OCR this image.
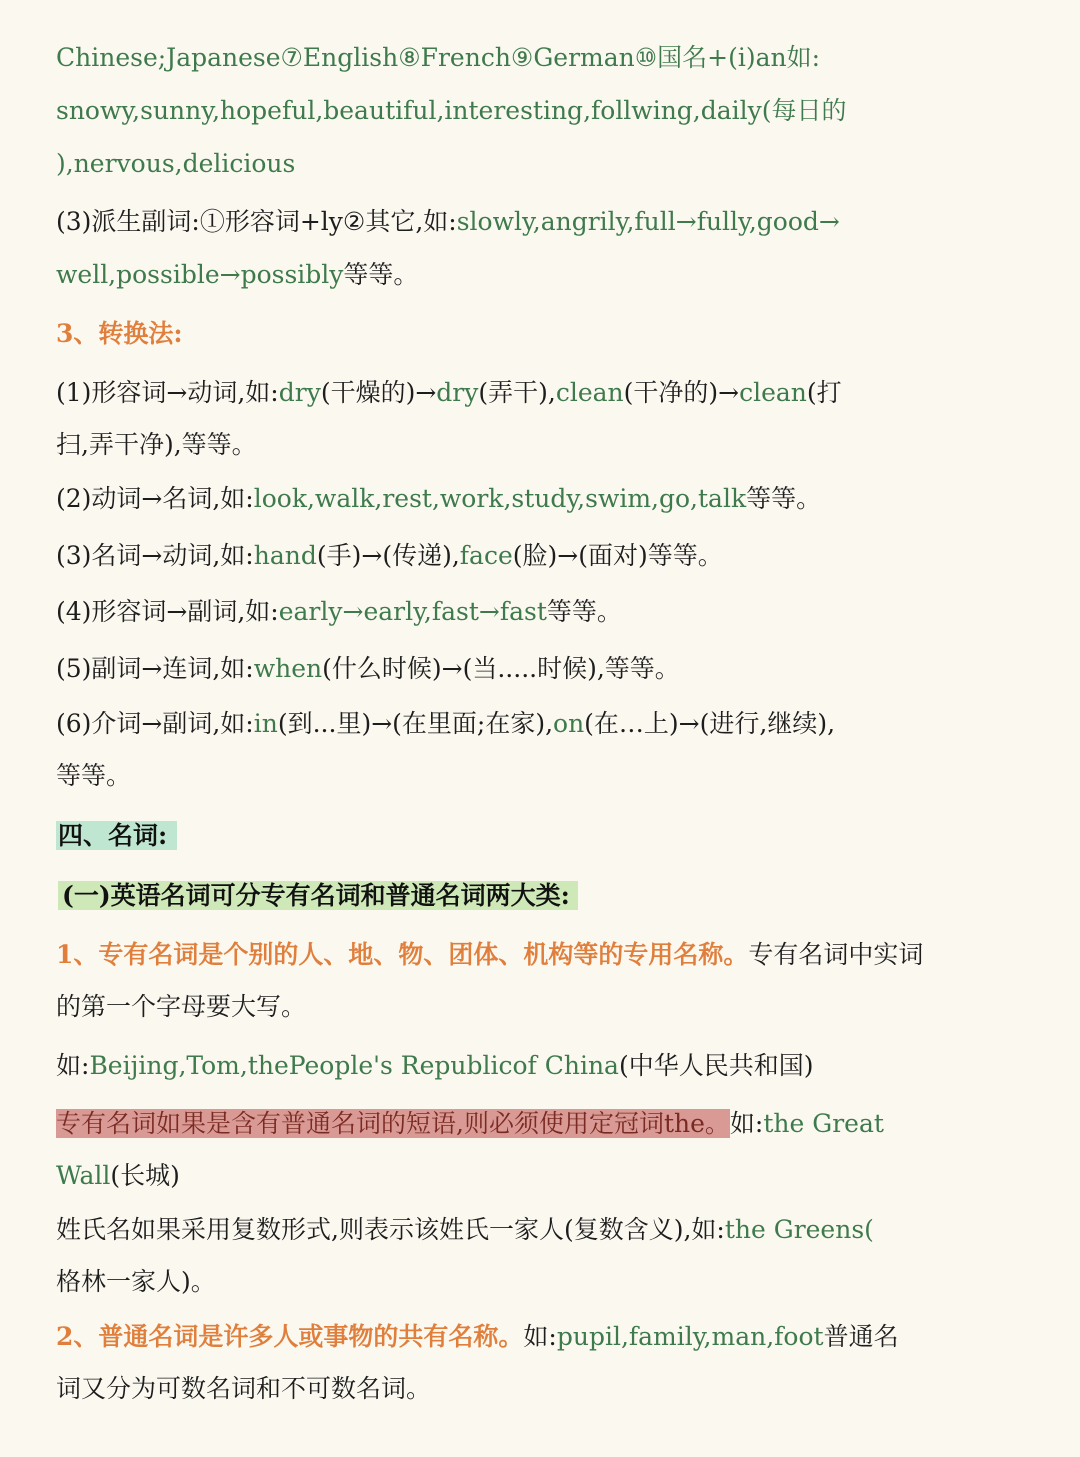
Chinese;Japanese⑦English⑧French⑨German⑩国名+(i)an如:
snowy,sunny,hopeful,beautiful,interesting,follwing,daily(每日的
),nervous,delicious
(3)派生副词:①形容词+ly②其它,如:slowly,angrily,full→fully,good→
well,possible→possibly等等。
3、转换法:
(1)形容词→动词,如:dry(干燥的)→dry(弄干),clean(干净的)→clean(打
扫,弄干净),等等。
(2)动词→名词,如:look,walk,rest,work,study,swim,go,talk等等。
(3)名词→动词,如:hand(手)→(传递),face(脸)→(面对)等等。
(4)形容词→副词,如:early→early,fast→fast等等。
(5)副词→连词,如:when(什么时候)→(当.....时候),等等。
(6)介词→副词,如:in(到...里)→(在里面;在家),on(在…上)→(进行,继续),
等等。
四、名词:
(一)英语名词可分专有名词和普通名词两大类:
1、专有名词是个别的人、地、物、团体、机构等的专用名称。专有名词中实词
的第一个字母要大写。
如:Beijing,Tom,thePeople's Republicof China(中华人民共和国)
专有名词如果是含有普通名词的短语,则必须使用定冠词the。如:the Great
Wall(长城)
姓氏名如果采用复数形式,则表示该姓氏一家人(复数含义),如:the Greens(
格林一家人)。
2、普通名词是许多人或事物的共有名称。如:pupil,family,man,foot普通名
词又分为可数名词和不可数名词。
